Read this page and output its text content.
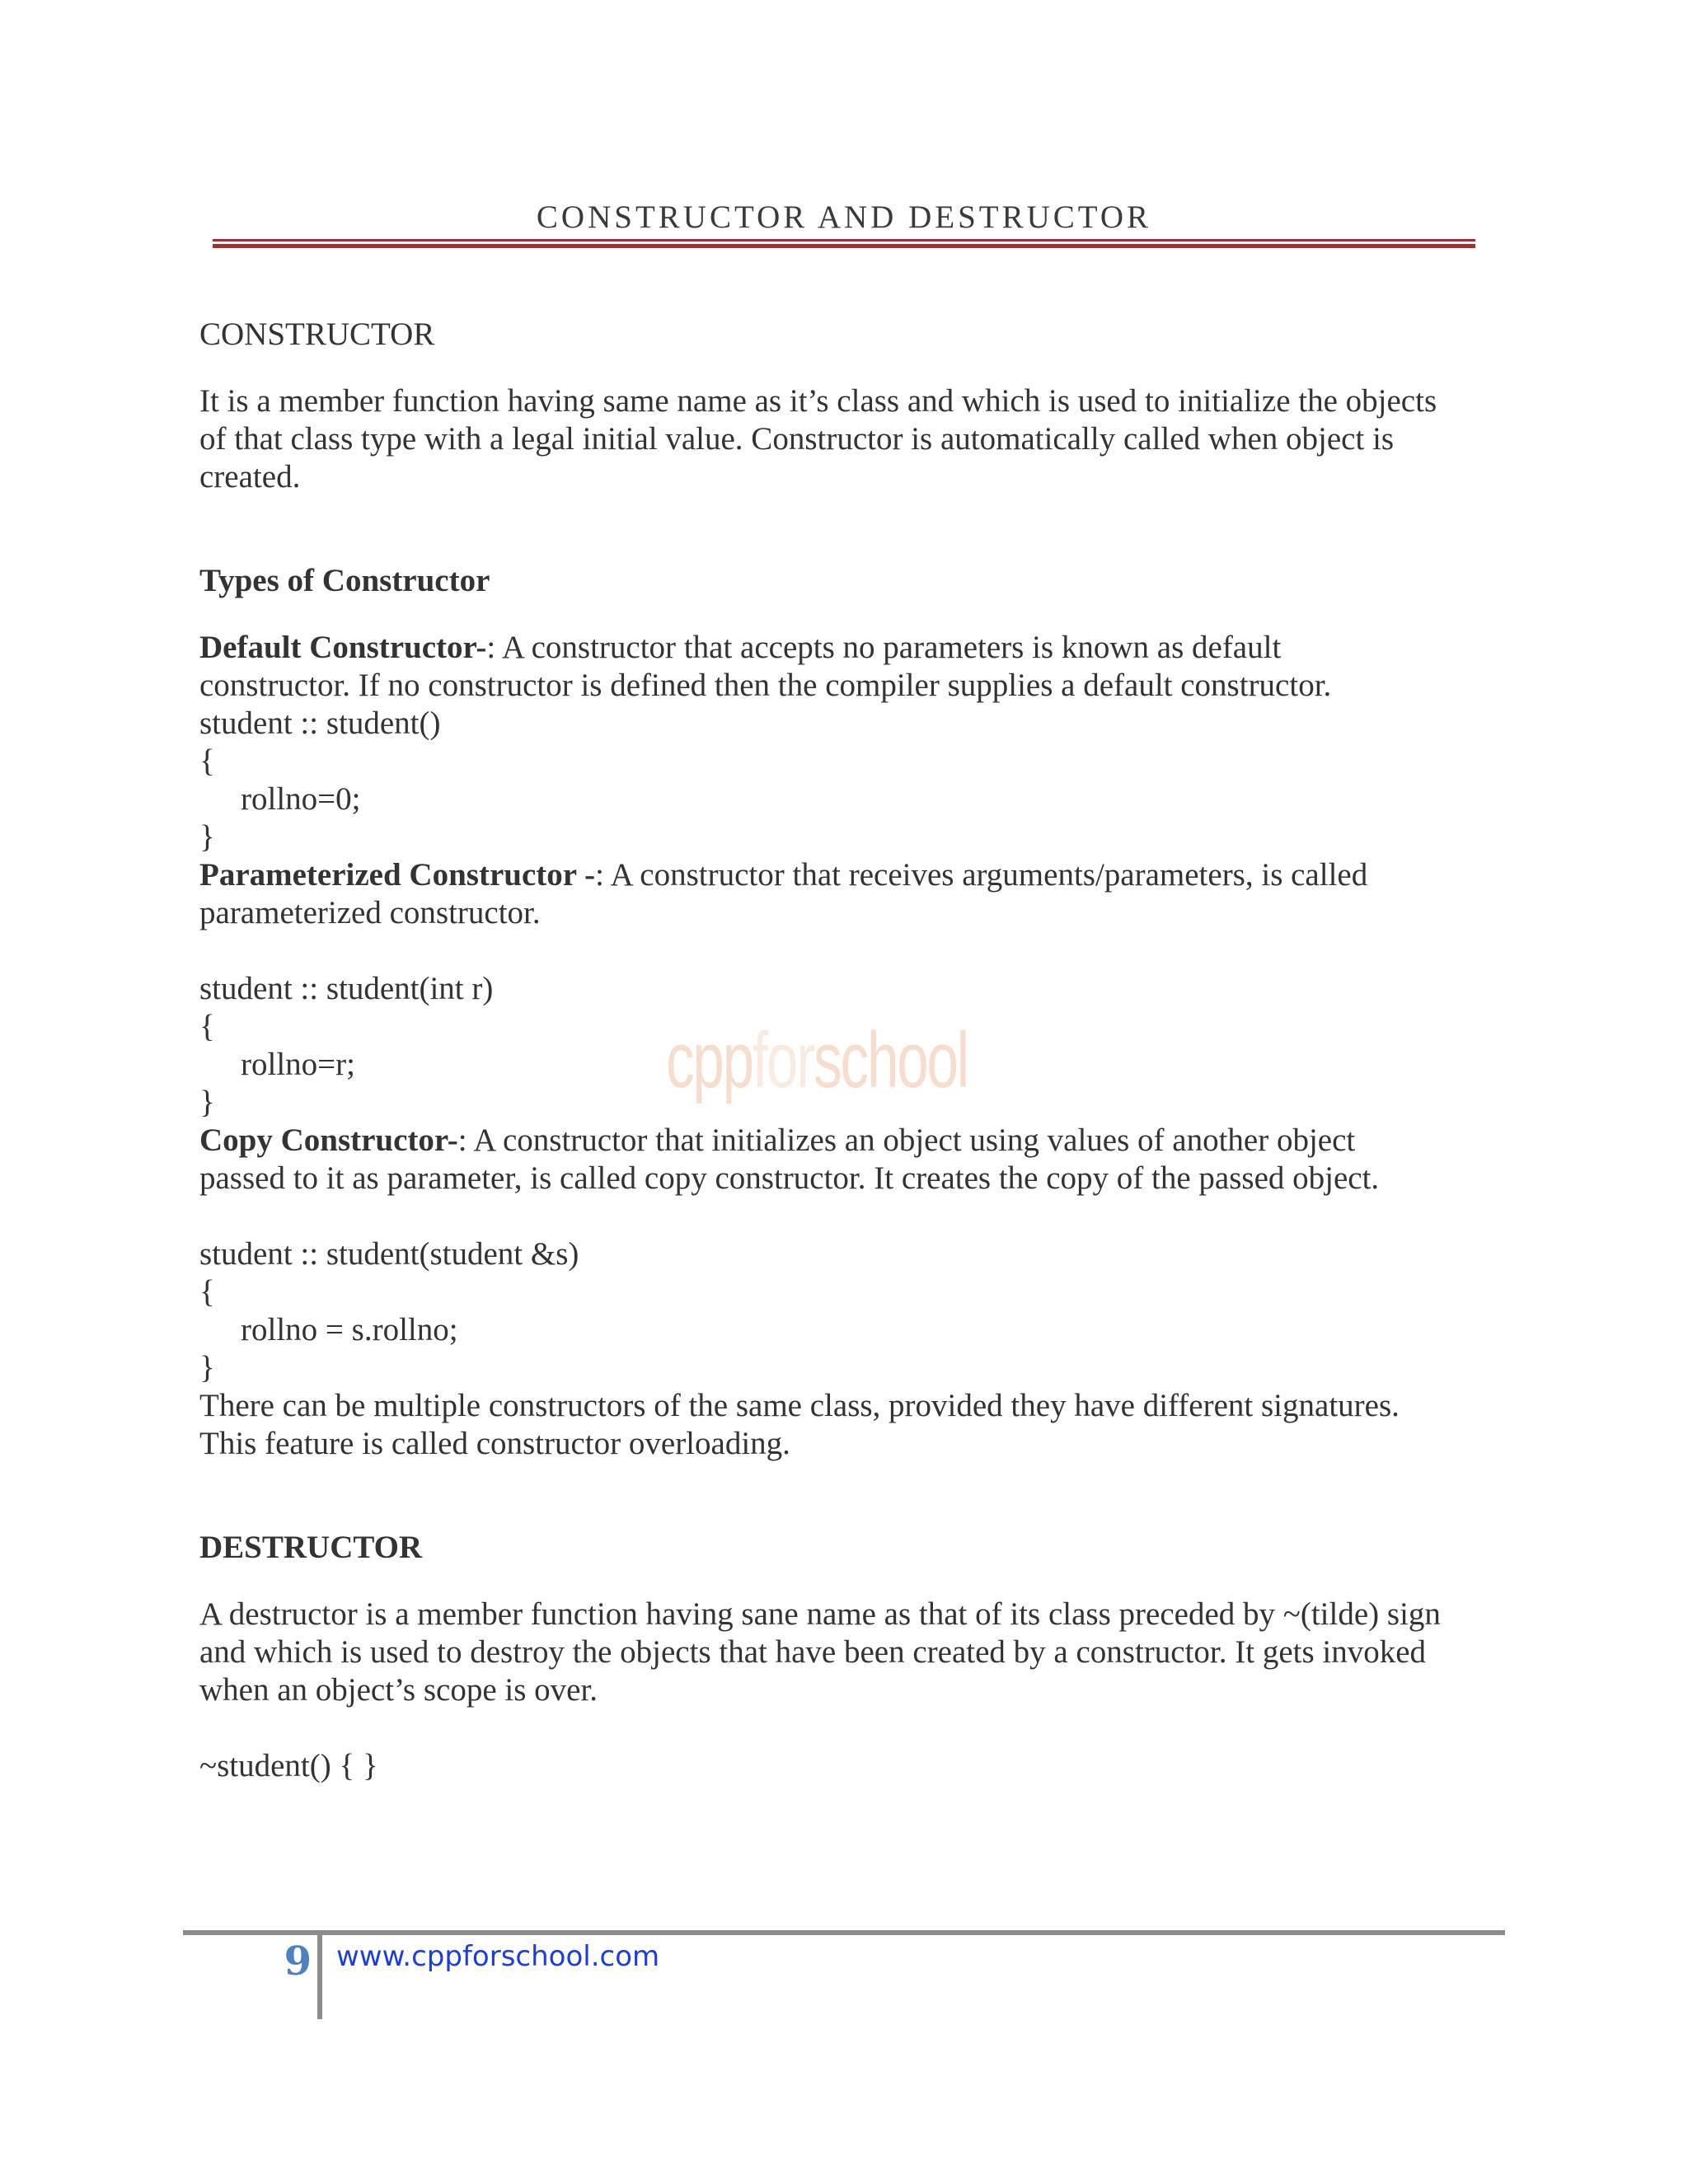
CONSTRUCTOR AND DESTRUCTOR
cppforschool

CONSTRUCTOR

It is a member function having same name as it’s class and which is used to initialize the objects

of that class type with a legal initial value. Constructor is automatically called when object is

created.

Types of Constructor

Default Constructor-: A constructor that accepts no parameters is known as default

constructor. If no constructor is defined then the compiler supplies a default constructor.

student :: student()

{

rollno=0;

}

Parameterized Constructor -: A constructor that receives arguments/parameters, is called

parameterized constructor.

student :: student(int r)

{

rollno=r;

}

Copy Constructor-: A constructor that initializes an object using values of another object

passed to it as parameter, is called copy constructor. It creates the copy of the passed object.

student :: student(student &s)

{

rollno = s.rollno;

}

There can be multiple constructors of the same class, provided they have different signatures.

This feature is called constructor overloading.

DESTRUCTOR

A destructor is a member function having sane name as that of its class preceded by ~(tilde) sign

and which is used to destroy the objects that have been created by a constructor. It gets invoked

when an object’s scope is over.

~student() { }

9 www.cppforschool.com
